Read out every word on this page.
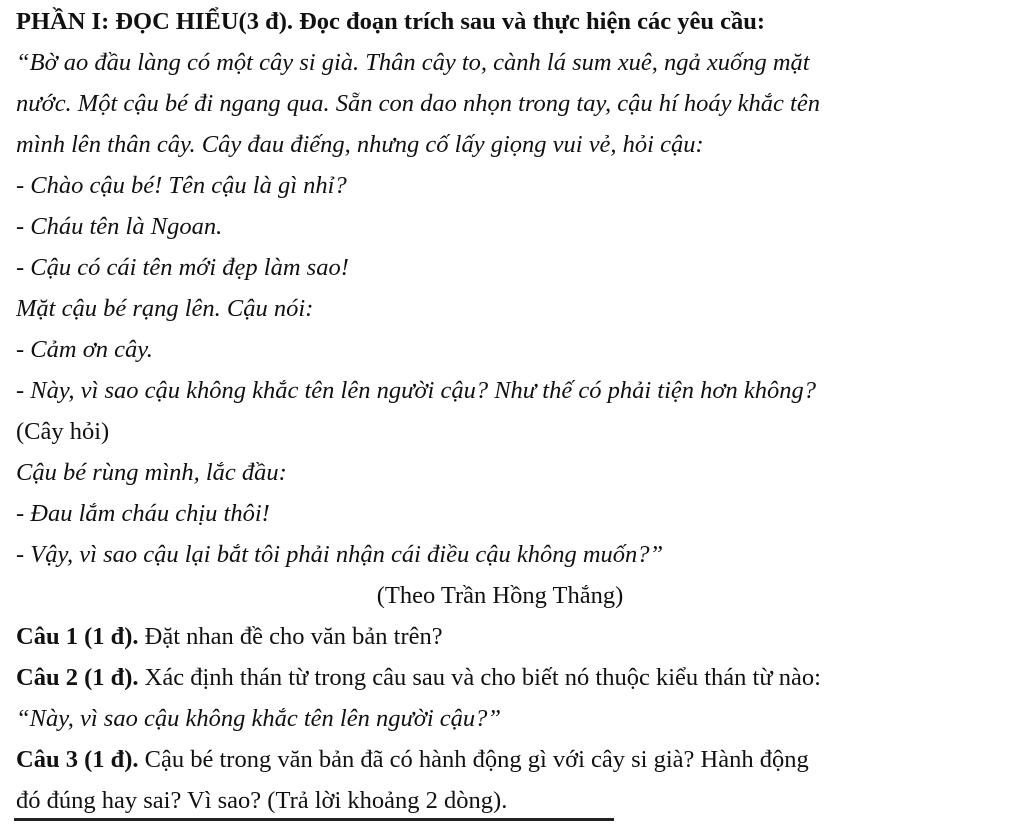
PHẦN I: ĐỌC HIỂU(3 đ). Đọc đoạn trích sau và thực hiện các yêu cầu:
“Bờ ao đầu làng có một cây si già. Thân cây to, cành lá sum xuê, ngả xuống mặt
nước. Một cậu bé đi ngang qua. Sẵn con dao nhọn trong tay, cậu hí hoáy khắc tên
mình lên thân cây. Cây đau điếng, nhưng cố lấy giọng vui vẻ, hỏi cậu:
- Chào cậu bé! Tên cậu là gì nhỉ?
- Cháu tên là Ngoan.
- Cậu có cái tên mới đẹp làm sao!
Mặt cậu bé rạng lên. Cậu nói:
- Cảm ơn cây.
- Này, vì sao cậu không khắc tên lên người cậu? Như thế có phải tiện hơn không?
(Cây hỏi)
Cậu bé rùng mình, lắc đầu:
- Đau lắm cháu chịu thôi!
- Vậy, vì sao cậu lại bắt tôi phải nhận cái điều cậu không muốn?”
(Theo Trần Hồng Thắng)
Câu 1 (1 đ). Đặt nhan đề cho văn bản trên?
Câu 2 (1 đ). Xác định thán từ trong câu sau và cho biết nó thuộc kiểu thán từ nào:
“Này, vì sao cậu không khắc tên lên người cậu?”
Câu 3 (1 đ). Cậu bé trong văn bản đã có hành động gì với cây si già? Hành động
đó đúng hay sai? Vì sao? (Trả lời khoảng 2 dòng).
